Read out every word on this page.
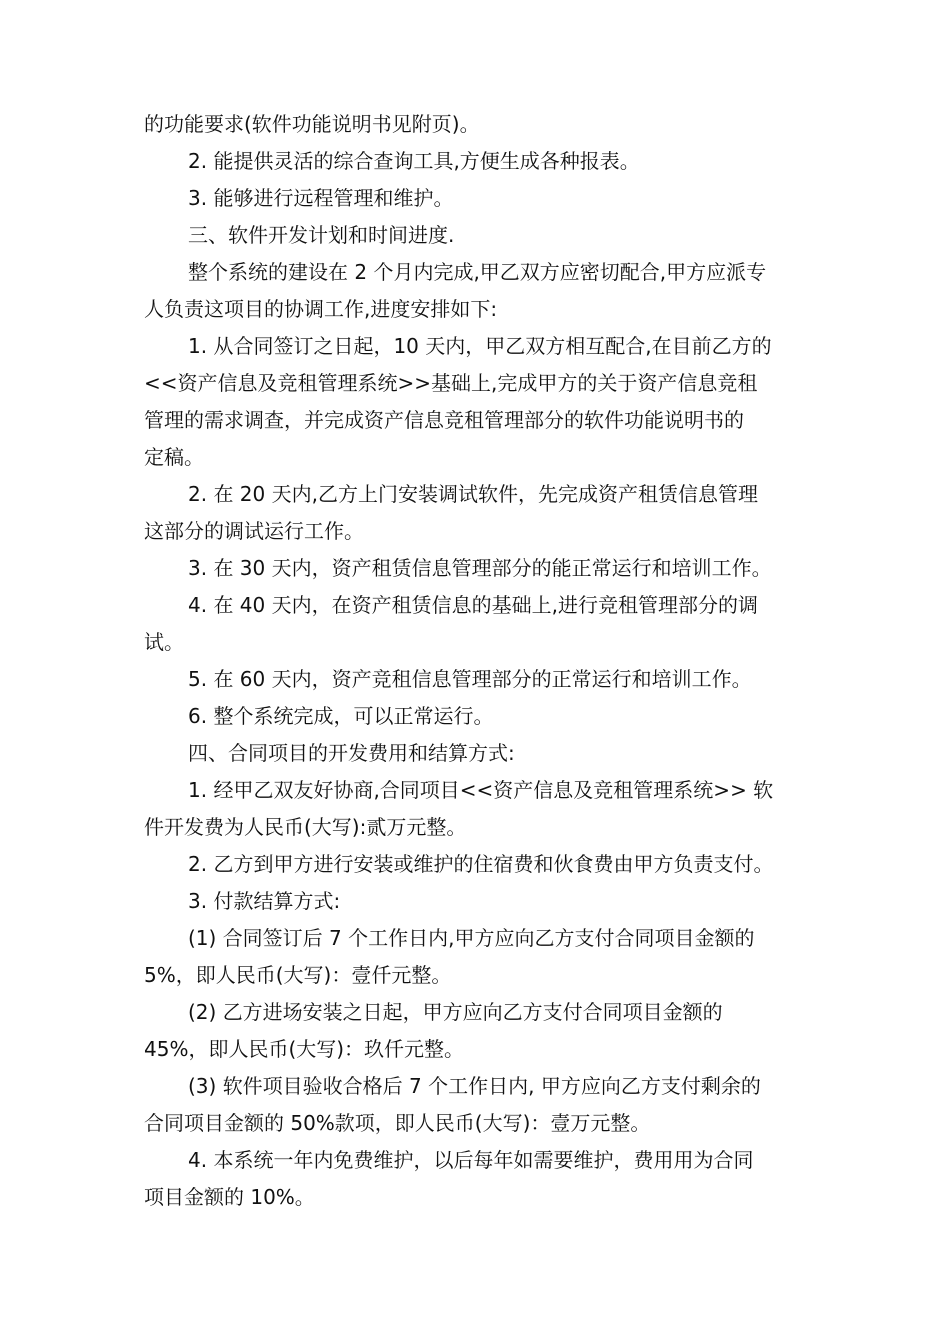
的功能要求(软件功能说明书见附页)。

2. 能提供灵活的综合查询工具,方便生成各种报表。

3. 能够进行远程管理和维护。

三、软件开发计划和时间进度.

整个系统的建设在 2 个月内完成,甲乙双方应密切配合,甲方应派专

人负责这项目的协调工作,进度安排如下:

1. 从合同签订之日起，10 天内，甲乙双方相互配合,在目前乙方的

<<资产信息及竞租管理系统>>基础上,完成甲方的关于资产信息竞租

管理的需求调查，并完成资产信息竞租管理部分的软件功能说明书的

定稿。

2. 在 20 天内,乙方上门安装调试软件，先完成资产租赁信息管理

这部分的调试运行工作。

3. 在 30 天内，资产租赁信息管理部分的能正常运行和培训工作。

4. 在 40 天内，在资产租赁信息的基础上,进行竞租管理部分的调

试。

5. 在 60 天内，资产竞租信息管理部分的正常运行和培训工作。

6. 整个系统完成，可以正常运行。

四、合同项目的开发费用和结算方式:

1. 经甲乙双友好协商,合同项目<<资产信息及竞租管理系统>> 软

件开发费为人民币(大写):贰万元整。

2. 乙方到甲方进行安装或维护的住宿费和伙食费由甲方负责支付。

3. 付款结算方式:

(1) 合同签订后 7 个工作日内,甲方应向乙方支付合同项目金额的

5%，即人民币(大写)：壹仟元整。

(2) 乙方进场安装之日起，甲方应向乙方支付合同项目金额的

45%，即人民币(大写)：玖仟元整。

(3) 软件项目验收合格后 7 个工作日内, 甲方应向乙方支付剩余的

合同项目金额的 50%款项，即人民币(大写)：壹万元整。

4. 本系统一年内免费维护，以后每年如需要维护，费用用为合同

项目金额的 10%。
